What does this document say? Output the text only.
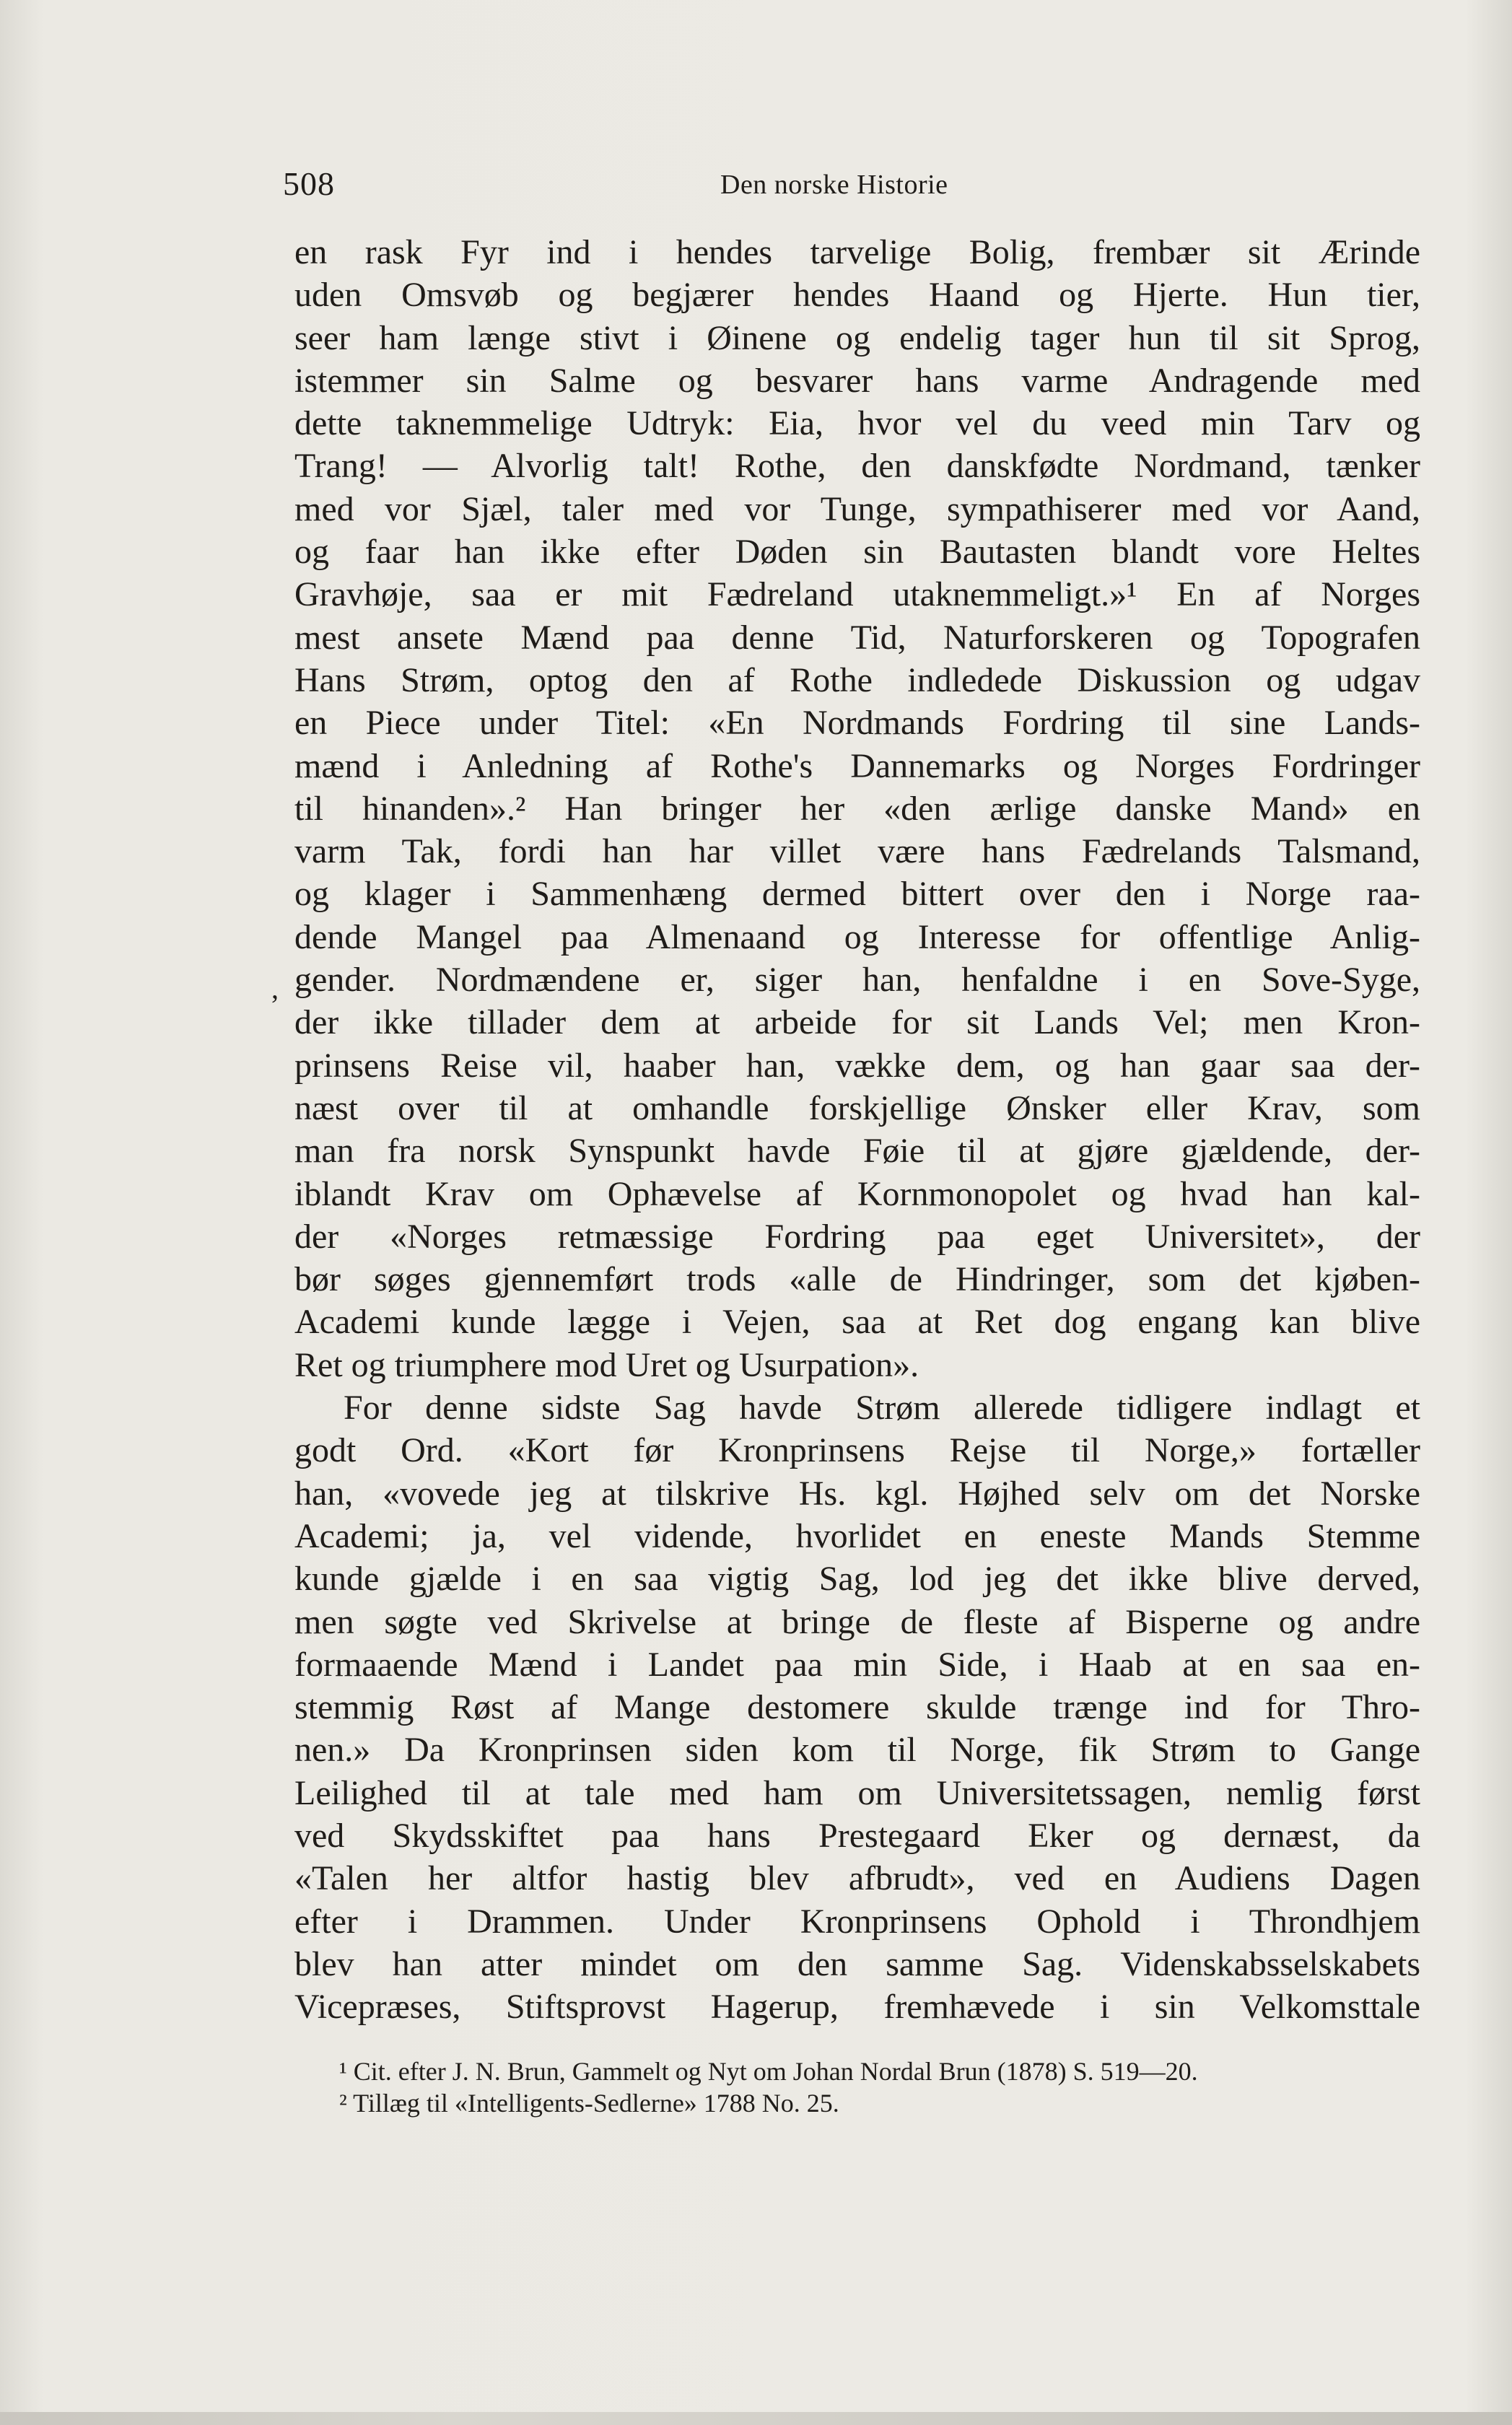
508	Den norske Historie
,
en rask Fyr ind i hendes tarvelige Bolig, frembær sit Ærinde
uden Omsvøb og begjærer hendes Haand og Hjerte. Hun tier,
seer ham længe stivt i Øinene og endelig tager hun til sit Sprog,
istemmer sin Salme og besvarer hans varme Andragende med
dette taknemmelige Udtryk: Eia, hvor vel du veed min Tarv og
Trang! — Alvorlig talt! Rothe, den danskfødte Nordmand, tænker
med vor Sjæl, taler med vor Tunge, sympathiserer med vor Aand,
og faar han ikke efter Døden sin Bautasten blandt vore Heltes
Gravhøje, saa er mit Fædreland utaknemmeligt.»¹ En af Norges
mest ansete Mænd paa denne Tid, Naturforskeren og Topografen
Hans Strøm, optog den af Rothe indledede Diskussion og udgav
en Piece under Titel: «En Nordmands Fordring til sine Lands-
mænd i Anledning af Rothe's Dannemarks og Norges Fordringer
til hinanden».² Han bringer her «den ærlige danske Mand» en
varm Tak, fordi han har villet være hans Fædrelands Talsmand,
og klager i Sammenhæng dermed bittert over den i Norge raa-
dende Mangel paa Almenaand og Interesse for offentlige Anlig-
gender. Nordmændene er, siger han, henfaldne i en Sove-Syge,
der ikke tillader dem at arbeide for sit Lands Vel; men Kron-
prinsens Reise vil, haaber han, vække dem, og han gaar saa der-
næst over til at omhandle forskjellige Ønsker eller Krav, som
man fra norsk Synspunkt havde Føie til at gjøre gjældende, der-
iblandt Krav om Ophævelse af Kornmonopolet og hvad han kal-
der «Norges retmæssige Fordring paa eget Universitet», der
bør søges gjennemført trods «alle de Hindringer, som det kjøben-
Academi kunde lægge i Vejen, saa at Ret dog engang kan blive
Ret og triumphere mod Uret og Usurpation».
For denne sidste Sag havde Strøm allerede tidligere indlagt et
godt Ord. «Kort før Kronprinsens Rejse til Norge,» fortæller
han, «vovede jeg at tilskrive Hs. kgl. Højhed selv om det Norske
Academi; ja, vel vidende, hvorlidet en eneste Mands Stemme
kunde gjælde i en saa vigtig Sag, lod jeg det ikke blive derved,
men søgte ved Skrivelse at bringe de fleste af Bisperne og andre
formaaende Mænd i Landet paa min Side, i Haab at en saa en-
stemmig Røst af Mange destomere skulde trænge ind for Thro-
nen.» Da Kronprinsen siden kom til Norge, fik Strøm to Gange
Leilighed til at tale med ham om Universitetssagen, nemlig først
ved Skydsskiftet paa hans Prestegaard Eker og dernæst, da
«Talen her altfor hastig blev afbrudt», ved en Audiens Dagen
efter i Drammen. Under Kronprinsens Ophold i Throndhjem
blev han atter mindet om den samme Sag. Videnskabsselskabets
Vicepræses, Stiftsprovst Hagerup, fremhævede i sin Velkomsttale
¹ Cit. efter J. N. Brun, Gammelt og Nyt om Johan Nordal Brun (1878) S. 519—20.
² Tillæg til «Intelligents-Sedlerne» 1788 No. 25.
